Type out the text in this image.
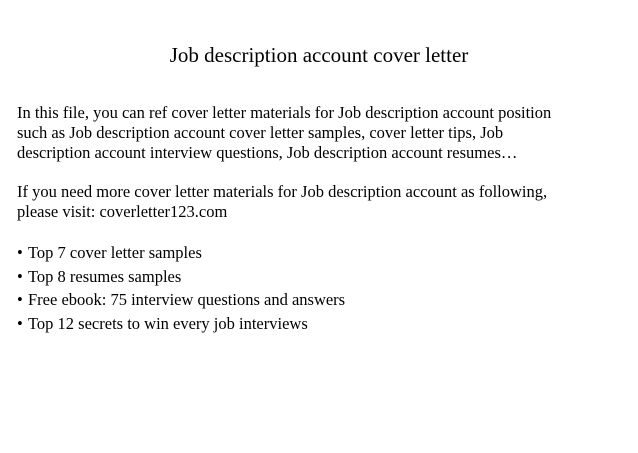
Job description account cover letter
In this file, you can ref cover letter materials for Job description account position
such as Job description account cover letter samples, cover letter tips, Job
description account interview questions, Job description account resumes…
If you need more cover letter materials for Job description account as following,
please visit: coverletter123.com
• Top 7 cover letter samples
• Top 8 resumes samples
• Free ebook: 75 interview questions and answers
• Top 12 secrets to win every job interviews
